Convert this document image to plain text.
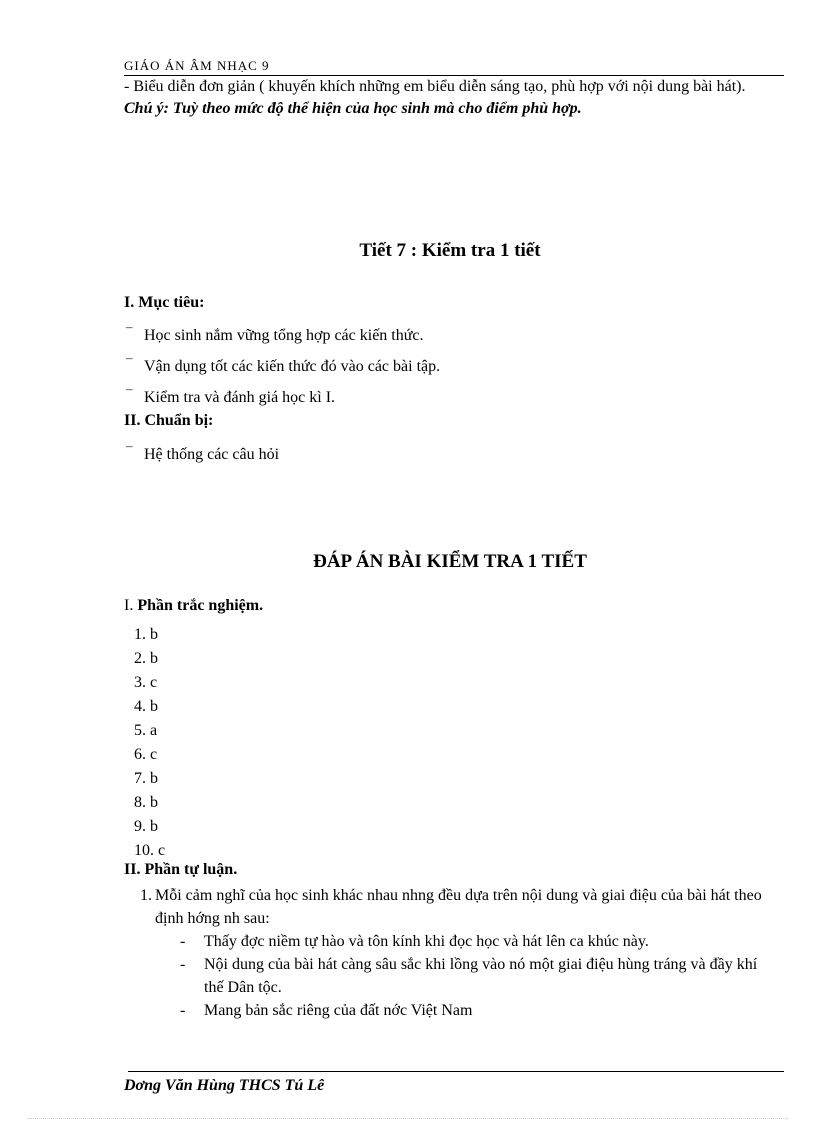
GIÁO ÁN ÂM NHẠC 9
- Biểu diễn đơn giản ( khuyến khích những em biểu diễn sáng tạo, phù hợp với nội dung bài hát).
Chú ý: Tuỳ theo mức độ thể hiện của học sinh mà cho điểm phù hợp.
Tiết 7 : Kiểm tra 1 tiết
I. Mục tiêu:
¯ Học sinh nắm vững tổng hợp các kiến thức.
¯ Vận dụng tốt các kiến thức đó vào các bài tập.
¯ Kiểm tra và đánh giá học kì I.
II. Chuẩn bị:
¯ Hệ thống các câu hỏi
ĐÁP ÁN BÀI KIỂM TRA 1 TIẾT
I. Phần trắc nghiệm.
1. b
2. b
3. c
4. b
5. a
6. c
7. b
8. b
9. b
10. c
II. Phần tự luận.
1. Mỗi cảm nghĩ của học sinh khác nhau nhng đều dựa trên nội dung và giai điệu của bài hát theo định hớng nh sau:
- Thấy đợc niềm tự hào và tôn kính khi đọc học và hát lên ca khúc này.
- Nội dung của bài hát càng sâu sắc khi lồng vào nó một giai điệu hùng tráng và đầy khí thế Dân tộc.
- Mang bản sắc riêng của đất nớc Việt Nam
Dơng Văn Hùng THCS Tú Lê
